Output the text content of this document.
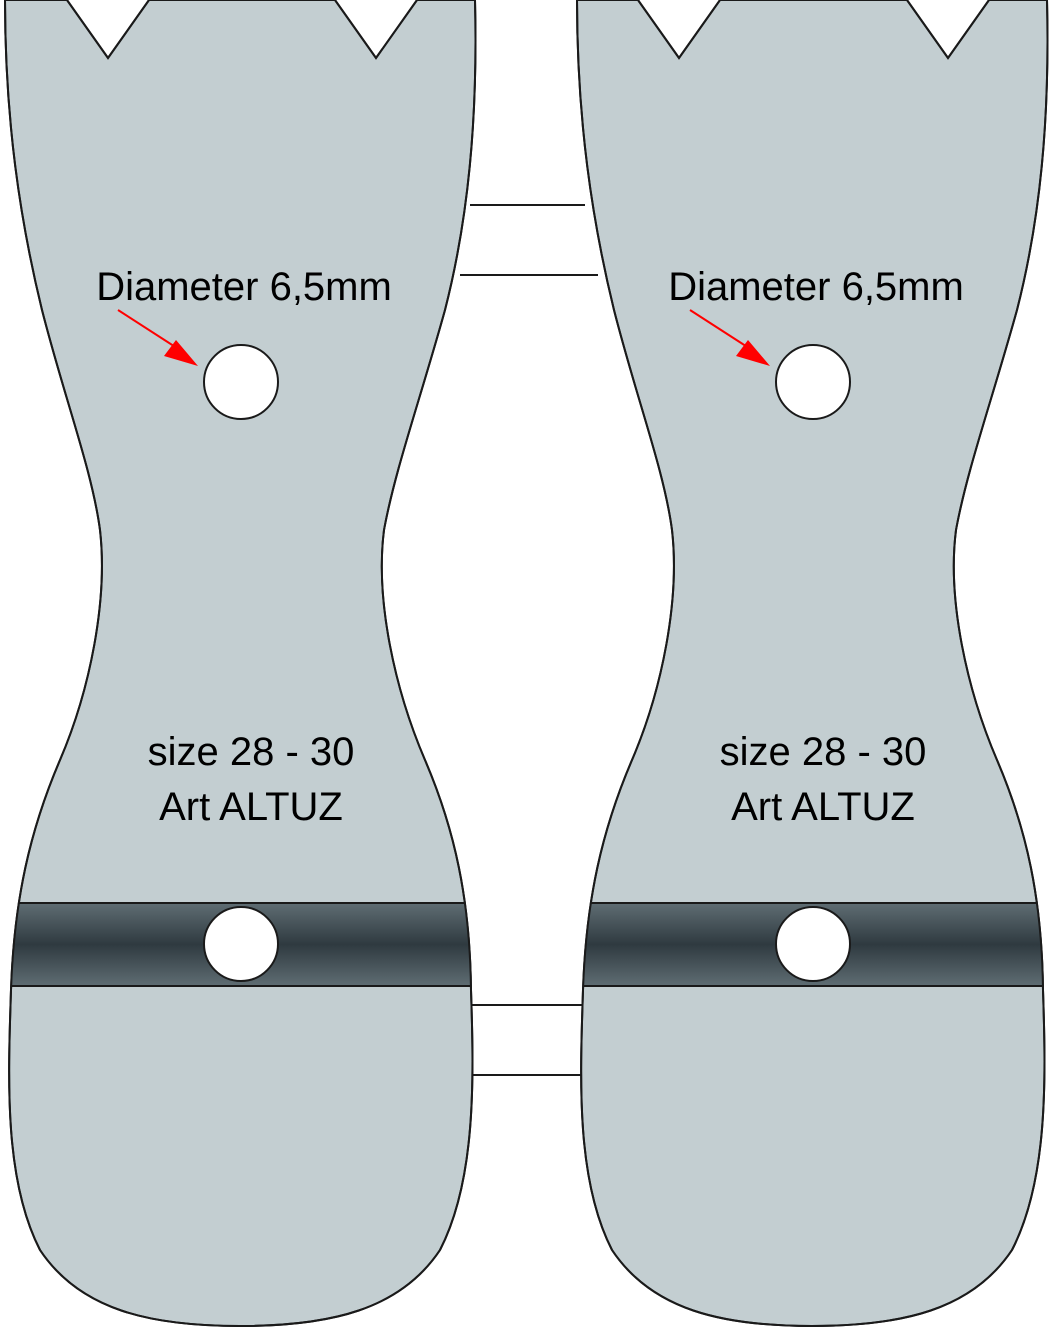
Diameter 6,5mm
size 28 - 30
Art ALTUZ
Diameter 6,5mm
size 28 - 30
Art ALTUZ
